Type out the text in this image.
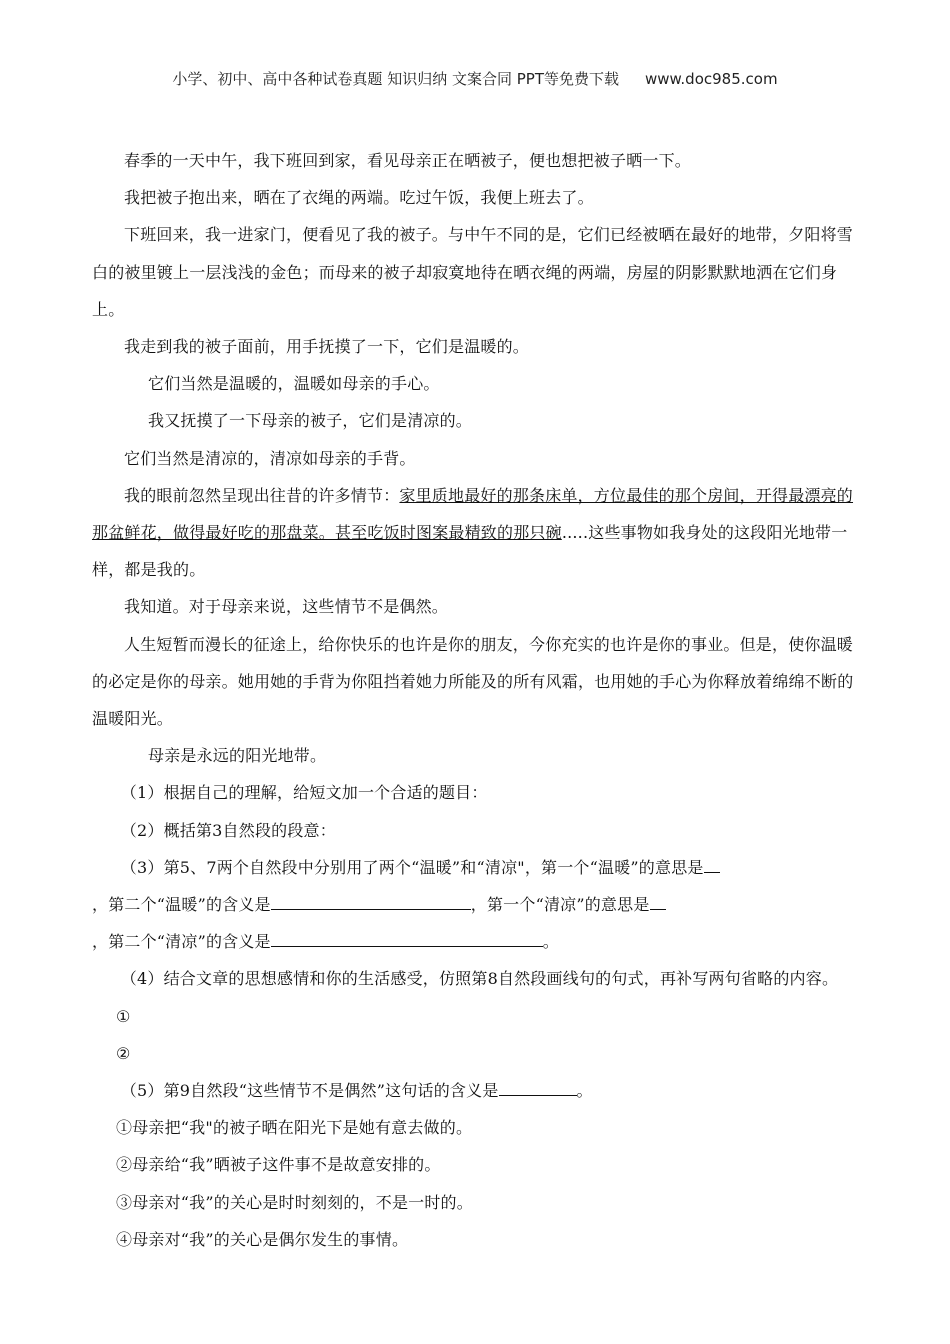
小学、初中、高中各种试卷真题 知识归纳 文案合同 PPT等免费下载 www.doc985.com

春季的一天中午，我下班回到家，看见母亲正在晒被子，便也想把被子晒一下。

我把被子抱出来，晒在了衣绳的两端。吃过午饭，我便上班去了。

下班回来，我一进家门，便看见了我的被子。与中午不同的是，它们已经被晒在最好的地带，夕阳将雪白的被里镀上一层浅浅的金色；而母来的被子却寂寞地待在晒衣绳的两端，房屋的阴影默默地洒在它们身上。

我走到我的被子面前，用手抚摸了一下，它们是温暖的。

它们当然是温暖的，温暖如母亲的手心。

我又抚摸了一下母亲的被子，它们是清凉的。

它们当然是清凉的，清凉如母亲的手背。

我的眼前忽然呈现出往昔的许多情节：家里质地最好的那条床单，方位最佳的那个房间，开得最漂亮的那盆鲜花，做得最好吃的那盘菜。甚至吃饭时图案最精致的那只碗.....这些事物如我身处的这段阳光地带一样，都是我的。

我知道。对于母亲来说，这些情节不是偶然。

人生短暂而漫长的征途上，给你快乐的也许是你的朋友，今你充实的也许是你的事业。但是，使你温暖的必定是你的母亲。她用她的手背为你阻挡着她力所能及的所有风霜，也用她的手心为你释放着绵绵不断的温暖阳光。

母亲是永远的阳光地带。

（1）根据自己的理解，给短文加一个合适的题目：

（2）概括第3自然段的段意：

（3）第5、7两个自然段中分别用了两个“温暖”和“清凉"，第一个“温暖”的意思是

，第二个“温暖”的含义是	，第一个“清凉”的意思是

，第二个“清凉”的含义是	。

（4）结合文章的思想感情和你的生活感受，仿照第8自然段画线句的句式，再补写两句省略的内容。

①

②

（5）第9自然段“这些情节不是偶然”这句话的含义是	。

①母亲把“我"的被子晒在阳光下是她有意去做的。

②母亲给“我”晒被子这件事不是故意安排的。

③母亲对“我”的关心是时时刻刻的，不是一时的。

④母亲对“我”的关心是偶尔发生的事情。
